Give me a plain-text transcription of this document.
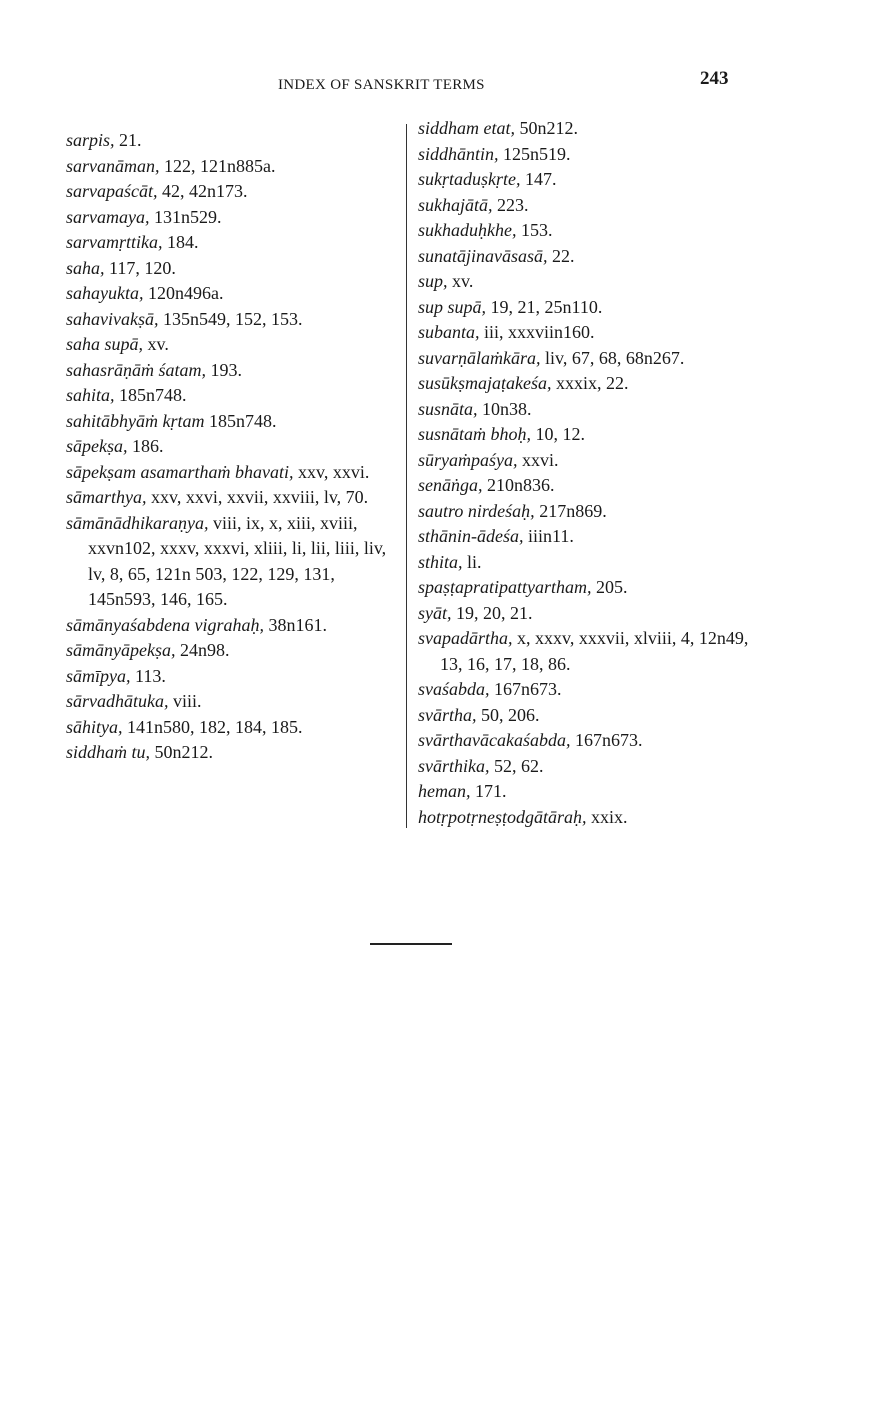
INDEX OF SANSKRIT TERMS	243
sarpis, 21.
sarvanāman, 122, 121n885a.
sarvapaścāt, 42, 42n173.
sarvamaya, 131n529.
sarvamṛttika, 184.
saha, 117, 120.
sahayukta, 120n496a.
sahavivakṣā, 135n549, 152, 153.
saha supā, xv.
sahasrāṇāṁ śatam, 193.
sahita, 185n748.
sahitābhyāṁ kṛtam 185n748.
sāpekṣa, 186.
sāpekṣam asamarthaṁ bhavati, xxv, xxvi.
sāmarthya, xxv, xxvi, xxvii, xxviii, lv, 70.
sāmānādhikaraṇya, viii, ix, x, xiii, xviii, xxvn102, xxxv, xxxvi, xliii, li, lii, liii, liv, lv, 8, 65, 121n 503, 122, 129, 131, 145n593, 146, 165.
sāmānyaśabdena vigrahaḥ, 38n161.
sāmānyāpekṣa, 24n98.
sāmīpya, 113.
sārvadhātuka, viii.
sāhitya, 141n580, 182, 184, 185.
siddhaṁ tu, 50n212.
siddham etat, 50n212.
siddhāntin, 125n519.
sukṛtaduṣkṛte, 147.
sukhajātā, 223.
sukhaduḥkhe, 153.
sunatājinavāsasā, 22.
sup, xv.
sup supā, 19, 21, 25n110.
subanta, iii, xxxviin160.
suvarṇālaṁkāra, liv, 67, 68, 68n267.
susūkṣmajaṭakeśa, xxxix, 22.
susnāta, 10n38.
susnātaṁ bhoḥ, 10, 12.
sūryaṁpaśya, xxvi.
senāṅga, 210n836.
sautro nirdeśaḥ, 217n869.
sthānin-ādeśa, iiin11.
sthita, li.
spaṣṭapratipattyartham, 205.
syāt, 19, 20, 21.
svapadārtha, x, xxxv, xxxvii, xlviii, 4, 12n49, 13, 16, 17, 18, 86.
svaśabda, 167n673.
svārtha, 50, 206.
svārthavācakaśabda, 167n673.
svārthika, 52, 62.
heman, 171.
hotṛpotṛneṣṭodgātāraḥ, xxix.
